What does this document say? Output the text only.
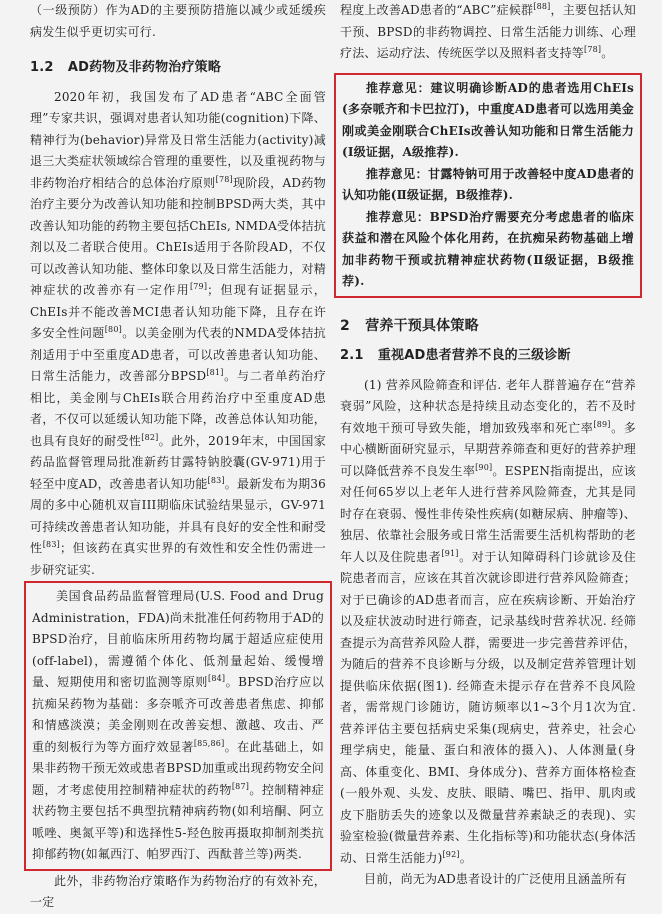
（一级预防）作为AD的主要预防措施以减少或延缓疾病发生似乎更切实可行.

1.2 AD药物及非药物治疗策略

2020年初，我国发布了AD患者“ABC全面管理”专家共识，强调对患者认知功能(cognition)下降、精神行为(behavior)异常及日常生活能力(activity)减退三大类症状领域综合管理的重要性，以及重视药物与非药物治疗相结合的总体治疗原则[78]现阶段，AD药物治疗主要分为改善认知功能和控制BPSD两大类，其中改善认知功能的药物主要包括ChEIs, NMDA受体拮抗剂以及二者联合使用。ChEIs适用于各阶段AD，不仅可以改善认知功能、整体印象以及日常生活能力，对精神症状的改善亦有一定作用[79]；但现有证据显示，ChEIs并不能改善MCI患者认知功能下降，且存在许多安全性问题[80]。以美金刚为代表的NMDA受体拮抗剂适用于中至重度AD患者，可以改善患者认知功能、日常生活能力，改善部分BPSD[81]。与二者单药治疗相比，美金刚与ChEIs联合用药治疗中至重度AD患者，不仅可以延缓认知功能下降，改善总体认知功能，也具有良好的耐受性[82]。此外，2019年末，中国国家药品监督管理局批准新药甘露特钠胶囊(GV-971)用于轻至中度AD，改善患者认知功能[83]。最新发布为期36周的多中心随机双盲III期临床试验结果显示，GV-971可持续改善患者认知功能，并具有良好的安全性和耐受性[83]；但该药在真实世界的有效性和安全性仍需进一步研究证实.

美国食品药品监督管理局(U.S. Food and Drug Administration，FDA)尚未批准任何药物用于AD的BPSD治疗，目前临床所用药物均属于超适应症使用(off-label)，需遵循个体化、低剂量起始、缓慢增量、短期使用和密切监测等原则[84]。BPSD治疗应以抗痴呆药物为基础：多奈哌齐可改善患者焦虑、抑郁和情感淡漠；美金刚则在改善妄想、激越、攻击、严重的刻板行为等方面疗效显著[85,86]。在此基础上，如果非药物干预无效或患者BPSD加重或出现药物安全问题，才考虑使用控制精神症状的药物[87]。控制精神症状药物主要包括不典型抗精神病药物(如利培酮、阿立哌唑、奥氮平等)和选择性5-羟色胺再摄取抑制剂类抗抑郁药物(如氟西汀、帕罗西汀、西酞普兰等)两类.

此外，非药物治疗策略作为药物治疗的有效补充，一定

程度上改善AD患者的“ABC”症候群[88]，主要包括认知干预、BPSD的非药物调控、日常生活能力训练、心理疗法、运动疗法、传统医学以及照料者支持等[78]。

推荐意见：建议明确诊断AD的患者选用ChEIs (多奈哌齐和卡巴拉汀)，中重度AD患者可以选用美金刚或美金刚联合ChEIs改善认知功能和日常生活能力(Ⅰ级证据，A级推荐).

推荐意见：甘露特钠可用于改善轻中度AD患者的认知功能(Ⅱ级证据，B级推荐).

推荐意见：BPSD治疗需要充分考虑患者的临床获益和潜在风险个体化用药，在抗痴呆药物基础上增加非药物干预或抗精神症状药物(Ⅱ级证据，B级推荐).

2 营养干预具体策略

2.1 重视AD患者营养不良的三级诊断

(1) 营养风险筛查和评估. 老年人群普遍存在“营养衰弱”风险，这种状态是持续且动态变化的，若不及时有效地干预可导致失能，增加致残率和死亡率[89]。多中心横断面研究显示，早期营养筛查和更好的营养护理可以降低营养不良发生率[90]。ESPEN指南提出，应该对任何65岁以上老年人进行营养风险筛查，尤其是同时存在衰弱、慢性非传染性疾病(如糖尿病、肿瘤等)、独居、依靠社会服务或日常生活需要生活机构帮助的老年人以及住院患者[91]。对于认知障碍科门诊就诊及住院患者而言，应该在其首次就诊即进行营养风险筛查；对于已确诊的AD患者而言，应在疾病诊断、开始治疗以及症状波动时进行筛查，记录基线时营养状况. 经筛查提示为高营养风险人群，需要进一步完善营养评估，为随后的营养不良诊断与分级，以及制定营养管理计划提供临床依据(图1). 经筛查未提示存在营养不良风险者，需常规门诊随访，随访频率以1~3个月1次为宜. 营养评估主要包括病史采集(现病史，营养史，社会心理学病史，能量、蛋白和液体的摄入)、人体测量(身高、体重变化、BMI、身体成分)、营养方面体格检查(一般外观、头发、皮肤、眼睛、嘴巴、指甲、肌肉或皮下脂肪丢失的迹象以及微量营养素缺乏的表现)、实验室检验(微量营养素、生化指标等)和功能状态(身体活动、日常生活能力)[92]。

目前，尚无为AD患者设计的广泛使用且涵盖所有
